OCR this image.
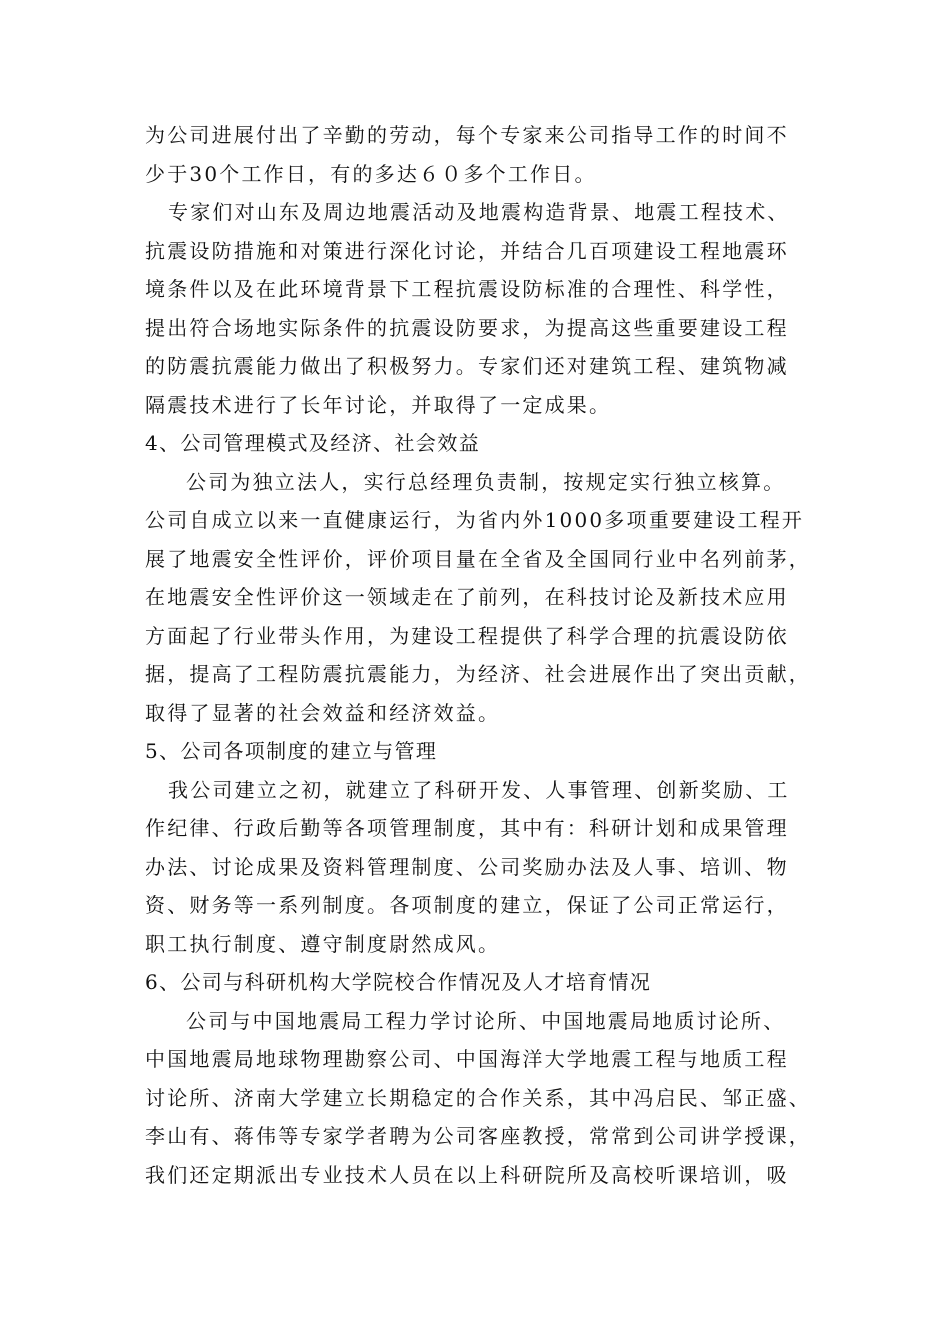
为公司进展付出了辛勤的劳动，每个专家来公司指导工作的时间不
少于30个工作日，有的多达６０多个工作日。
专家们对山东及周边地震活动及地震构造背景、地震工程技术、
抗震设防措施和对策进行深化讨论，并结合几百项建设工程地震环
境条件以及在此环境背景下工程抗震设防标准的合理性、科学性，
提出符合场地实际条件的抗震设防要求，为提高这些重要建设工程
的防震抗震能力做出了积极努力。专家们还对建筑工程、建筑物减
隔震技术进行了长年讨论，并取得了一定成果。
4、公司管理模式及经济、社会效益
公司为独立法人，实行总经理负责制，按规定实行独立核算。
公司自成立以来一直健康运行，为省内外1000多项重要建设工程开
展了地震安全性评价，评价项目量在全省及全国同行业中名列前茅，
在地震安全性评价这一领域走在了前列，在科技讨论及新技术应用
方面起了行业带头作用，为建设工程提供了科学合理的抗震设防依
据，提高了工程防震抗震能力，为经济、社会进展作出了突出贡献，
取得了显著的社会效益和经济效益。
5、公司各项制度的建立与管理
我公司建立之初，就建立了科研开发、人事管理、创新奖励、工
作纪律、行政后勤等各项管理制度，其中有：科研计划和成果管理
办法、讨论成果及资料管理制度、公司奖励办法及人事、培训、物
资、财务等一系列制度。各项制度的建立，保证了公司正常运行，
职工执行制度、遵守制度尉然成风。
6、公司与科研机构大学院校合作情况及人才培育情况
公司与中国地震局工程力学讨论所、中国地震局地质讨论所、
中国地震局地球物理勘察公司、中国海洋大学地震工程与地质工程
讨论所、济南大学建立长期稳定的合作关系，其中冯启民、邹正盛、
李山有、蒋伟等专家学者聘为公司客座教授，常常到公司讲学授课，
我们还定期派出专业技术人员在以上科研院所及高校听课培训，吸
